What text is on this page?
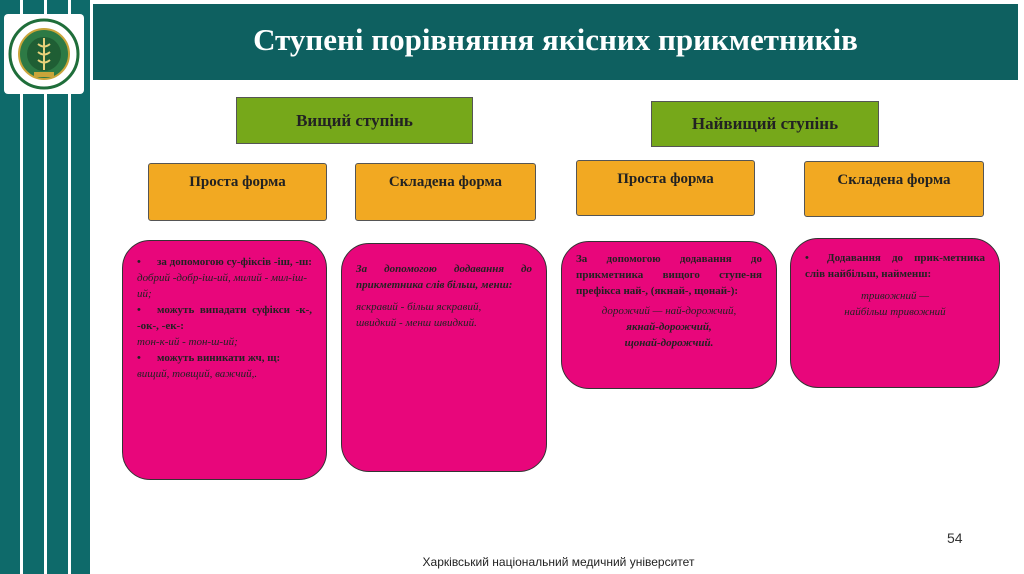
Ступені порівняння якісних прикметників
Вищий ступінь
Проста форма	Складена форма

• за допомогою су-фіксів -іш, -ш:

добрий -добр-іш-ий, милий - мил-іш-ий;

• можуть випадати суфікси -к-, -ок-, -ек-:

тон-к-ий - тон-ш-ий;

• можуть виникати жч, щ:

вищий, товщий, важчий,.

За допомогою додавання до прикметника слів більш, менш:

яскравий - більш яскравий,

швидкий - менш швидкий.

Найвищий ступінь
Проста форма	Складена форма

За допомогою додавання до прикметника вищого ступе-ня префікса най-, (якнай-, щонай-):

дорожчий — най-дорожчий,

якнай-дорожчий,

щонай-дорожчий.

• Додавання до прик-метника слів найбільш, найменш:

тривожний —

найбільш тривожний

54
Харківський національний медичний університет
